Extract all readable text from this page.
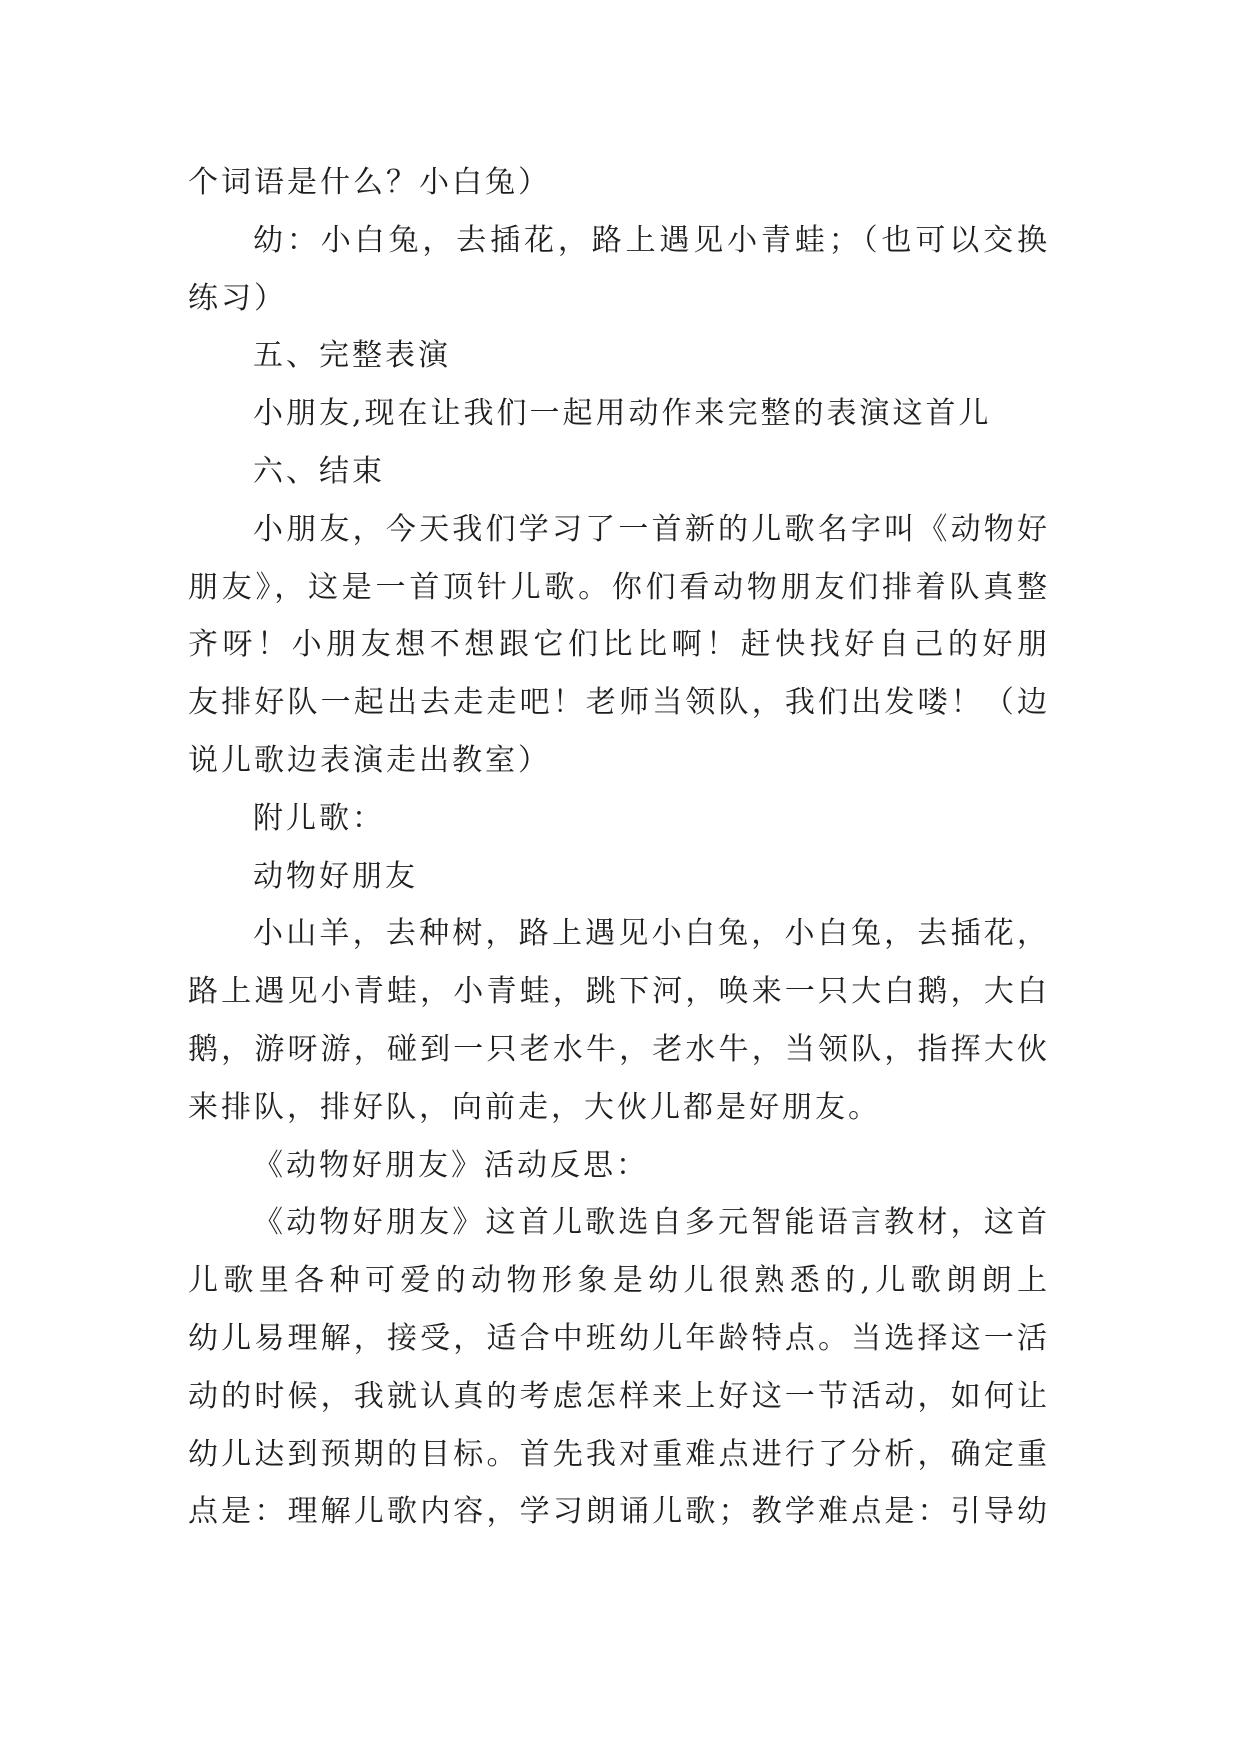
个词语是什么？小白兔）
幼：小白兔，去插花，路上遇见小青蛙；（也可以交换
练习）
五、完整表演
小朋友,现在让我们一起用动作来完整的表演这首儿
六、结束
小朋友，今天我们学习了一首新的儿歌名字叫《动物好
朋友》，这是一首顶针儿歌。你们看动物朋友们排着队真整
齐呀！小朋友想不想跟它们比比啊！赶快找好自己的好朋
友排好队一起出去走走吧！老师当领队，我们出发喽！（边
说儿歌边表演走出教室）
附儿歌：
动物好朋友
小山羊，去种树，路上遇见小白兔，小白兔，去插花，
路上遇见小青蛙，小青蛙，跳下河，唤来一只大白鹅，大白
鹅，游呀游，碰到一只老水牛，老水牛，当领队，指挥大伙
来排队，排好队，向前走，大伙儿都是好朋友。
《动物好朋友》活动反思：
《动物好朋友》这首儿歌选自多元智能语言教材，这首
儿歌里各种可爱的动物形象是幼儿很熟悉的,儿歌朗朗上
幼儿易理解，接受，适合中班幼儿年龄特点。当选择这一活
动的时候，我就认真的考虑怎样来上好这一节活动，如何让
幼儿达到预期的目标。首先我对重难点进行了分析，确定重
点是：理解儿歌内容，学习朗诵儿歌；教学难点是：引导幼
